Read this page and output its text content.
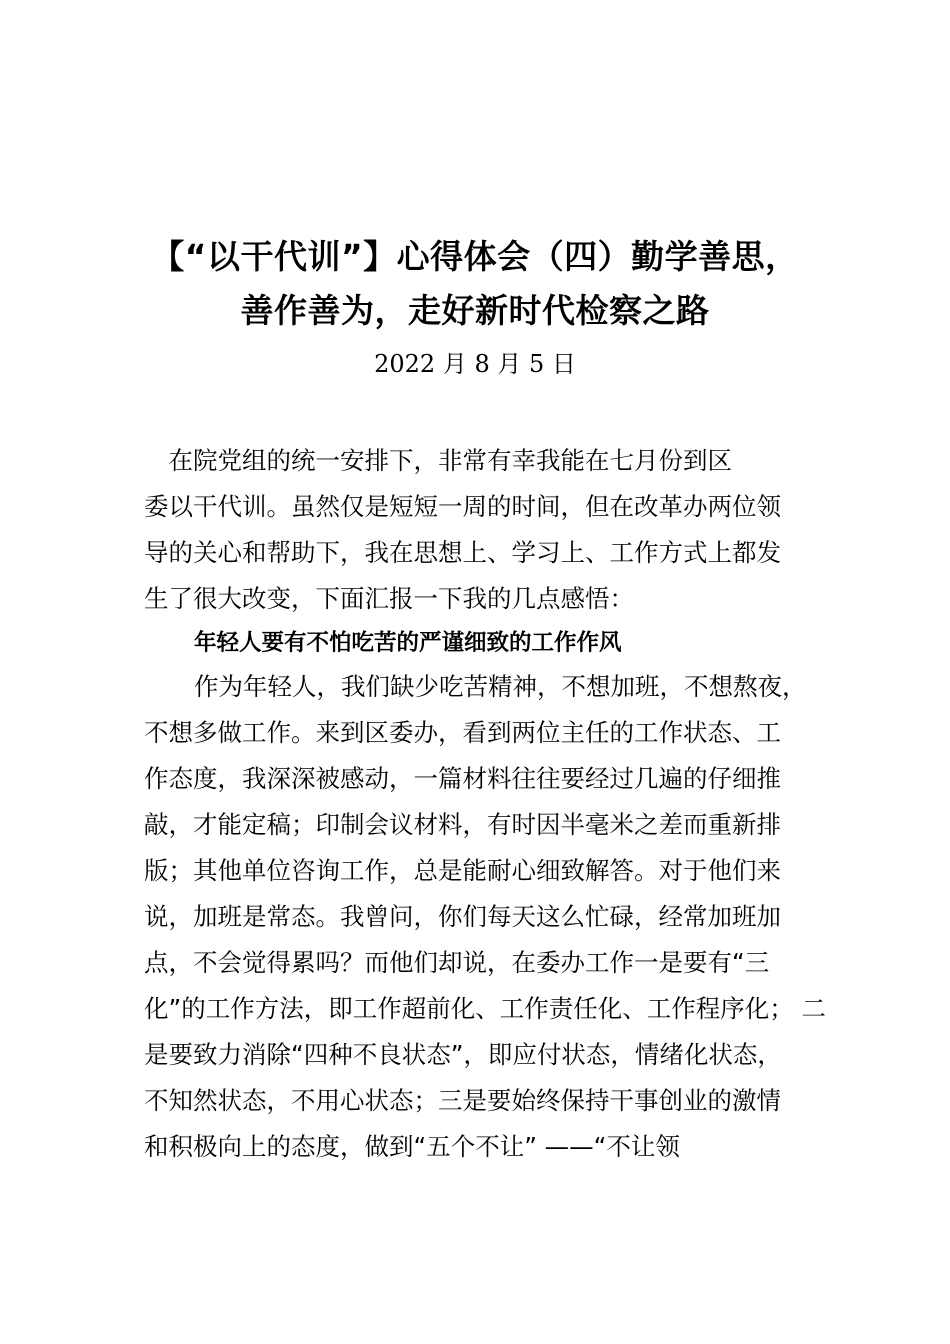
【“以干代训”】心得体会（四）勤学善思，
善作善为，走好新时代检察之路
2022 月 8 月 5 日
　在院党组的统一安排下，非常有幸我能在七月份到区
委以干代训。虽然仅是短短一周的时间，但在改革办两位领
导的关心和帮助下，我在思想上、学习上、工作方式上都发
生了很大改变，下面汇报一下我的几点感悟：
年轻人要有不怕吃苦的严谨细致的工作作风
作为年轻人，我们缺少吃苦精神，不想加班，不想熬夜，
不想多做工作。来到区委办，看到两位主任的工作状态、工
作态度，我深深被感动，一篇材料往往要经过几遍的仔细推
敲，才能定稿；印制会议材料，有时因半毫米之差而重新排
版；其他单位咨询工作，总是能耐心细致解答。对于他们来
说，加班是常态。我曾问，你们每天这么忙碌，经常加班加
点，不会觉得累吗？而他们却说，在委办工作一是要有“三
化”的工作方法，即工作超前化、工作责任化、工作程序化； 二
是要致力消除“四种不良状态”，即应付状态，情绪化状态，
不知然状态，不用心状态；三是要始终保持干事创业的激情
和积极向上的态度，做到“五个不让” ——“不让领
